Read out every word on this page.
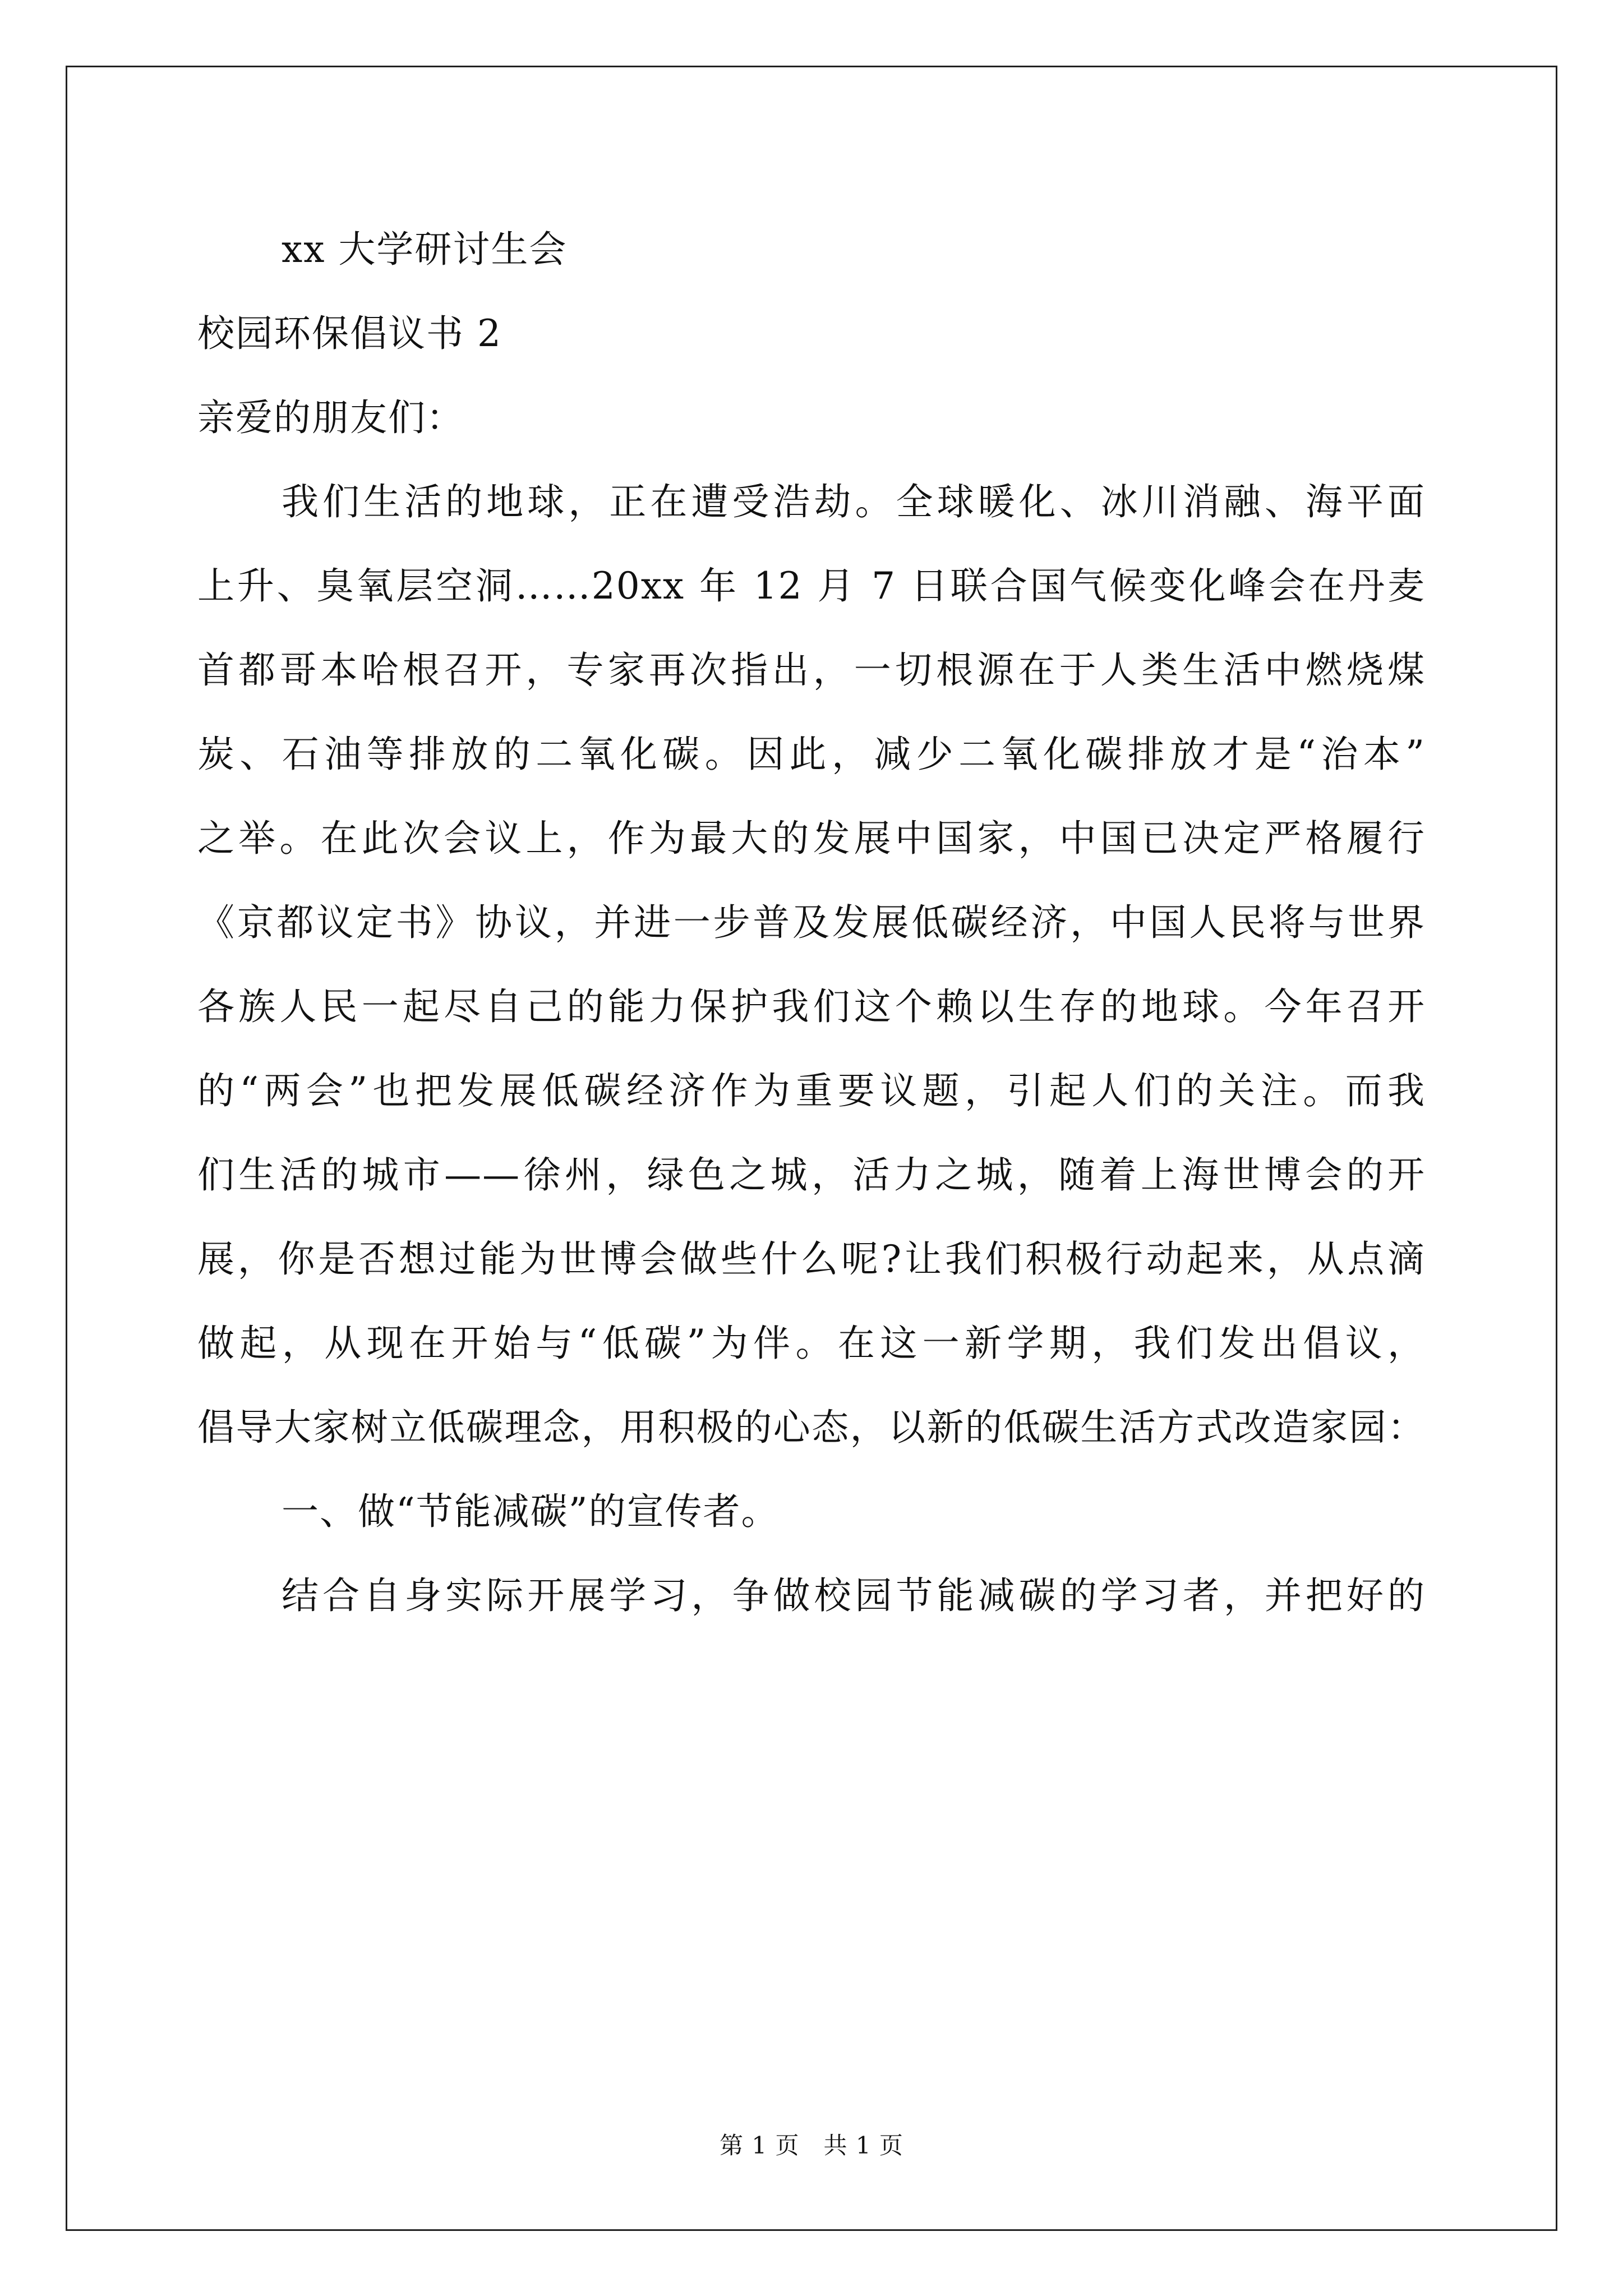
xx 大学研讨生会
校园环保倡议书 2
亲爱的朋友们：
我们生活的地球，正在遭受浩劫。全球暖化、冰川消融、海平面
上升、臭氧层空洞……20xx 年 12 月 7 日联合国气候变化峰会在丹麦
首都哥本哈根召开，专家再次指出，一切根源在于人类生活中燃烧煤
炭、石油等排放的二氧化碳。因此，减少二氧化碳排放才是“治本”
之举。在此次会议上，作为最大的发展中国家，中国已决定严格履行
《京都议定书》协议，并进一步普及发展低碳经济，中国人民将与世界
各族人民一起尽自己的能力保护我们这个赖以生存的地球。今年召开
的“两会”也把发展低碳经济作为重要议题，引起人们的关注。而我
们生活的城市——徐州，绿色之城，活力之城，随着上海世博会的开
展，你是否想过能为世博会做些什么呢?让我们积极行动起来，从点滴
做起，从现在开始与“低碳”为伴。在这一新学期，我们发出倡议，
倡导大家树立低碳理念，用积极的心态，以新的低碳生活方式改造家园：
一、做“节能减碳”的宣传者。
结合自身实际开展学习，争做校园节能减碳的学习者，并把好的
第 1 页　共 1 页
